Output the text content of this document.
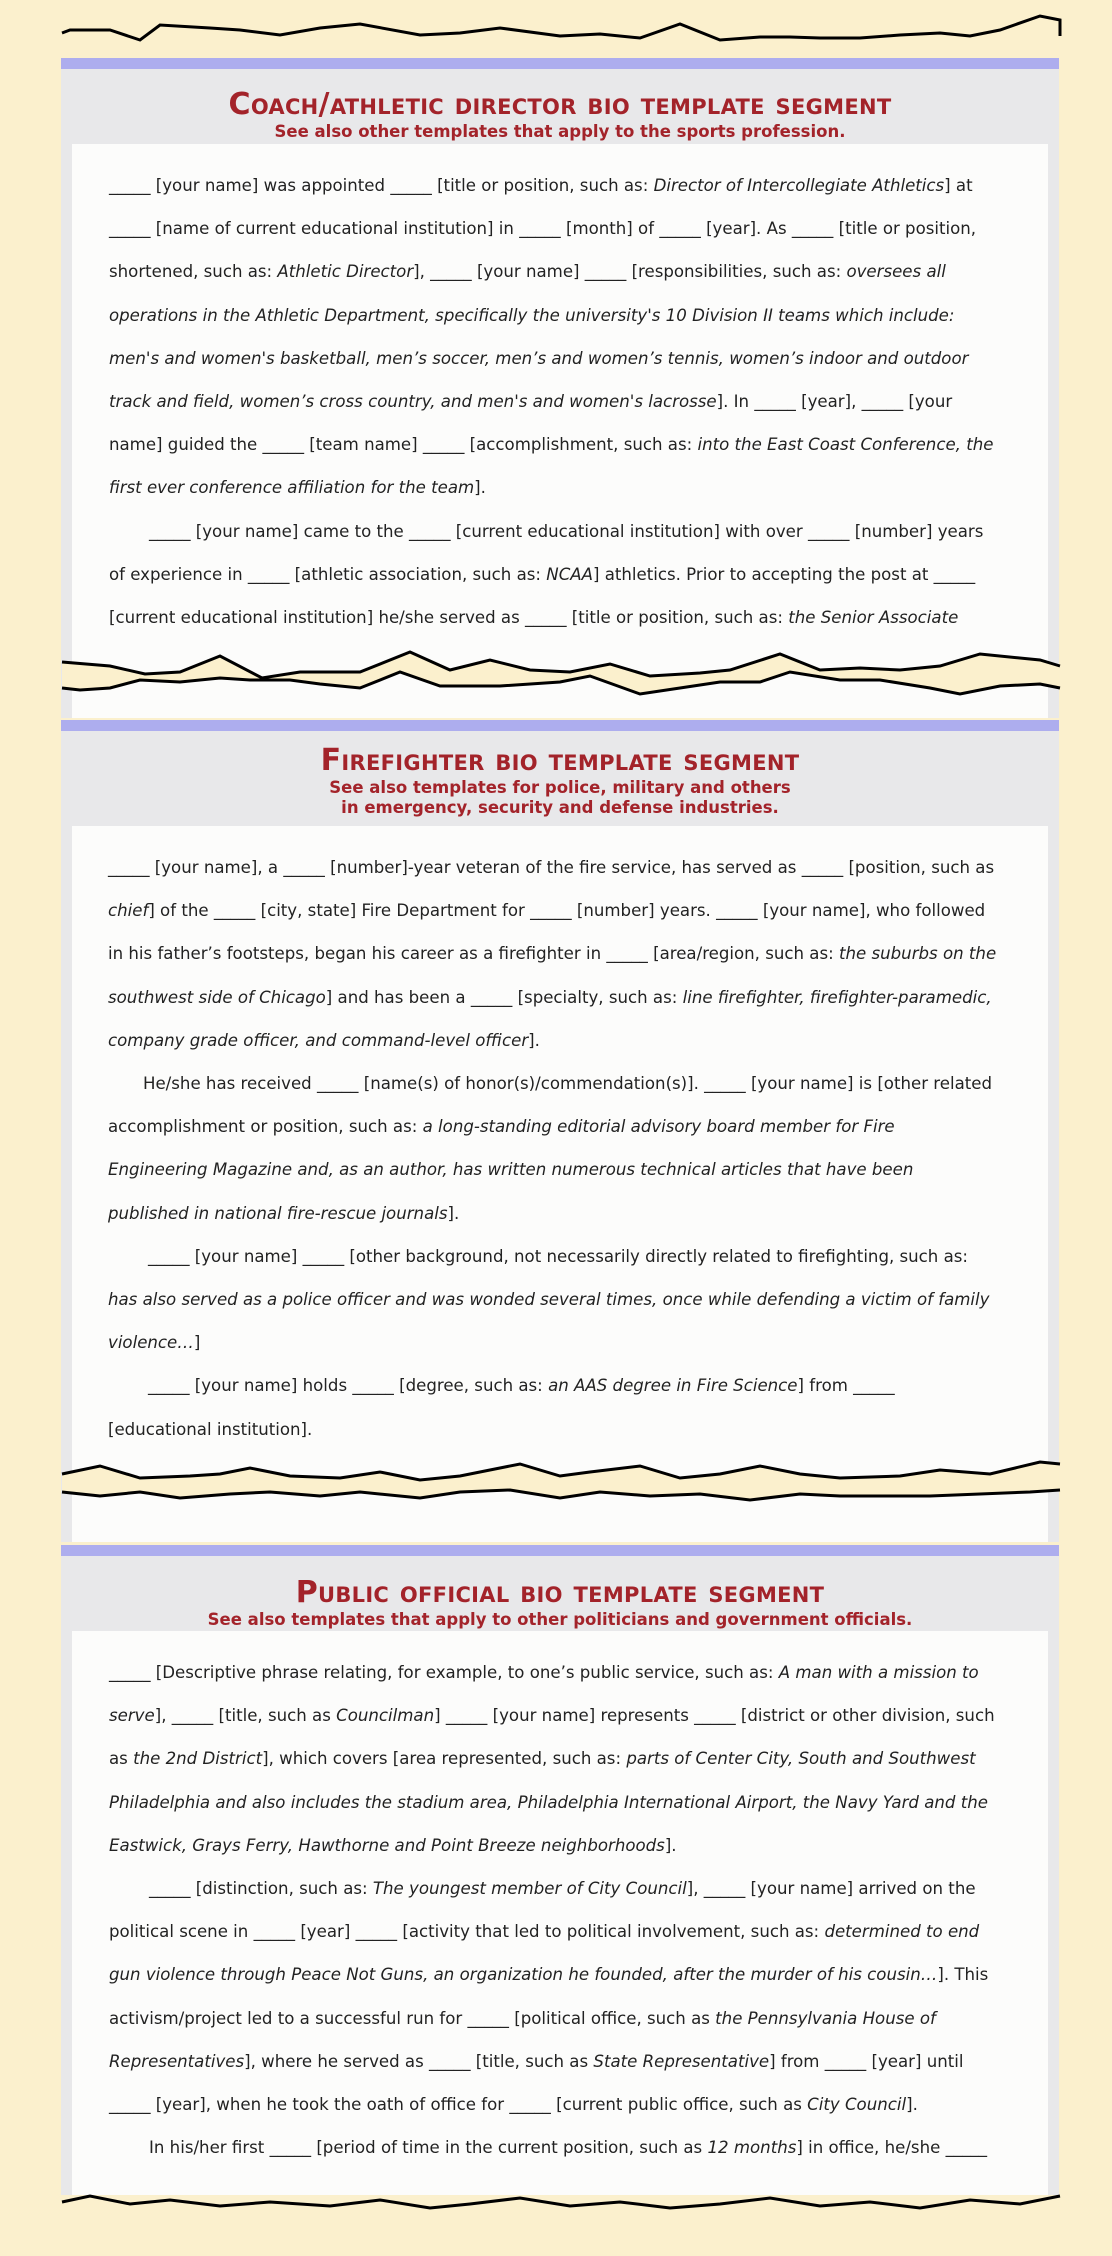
Coach/athletic director bio template segment
See also other templates that apply to the sports profession.

_____ [your name] was appointed _____ [title or position, such as: Director of Intercollegiate Athletics] at _____ [name of current educational institution] in _____ [month] of _____ [year]. As _____ [title or position, shortened, such as: Athletic Director], _____ [your name] _____ [responsibilities, such as: oversees all operations in the Athletic Department, specifically the university's 10 Division II teams which include: men's and women's basketball, men’s soccer, men’s and women’s tennis, women’s indoor and outdoor track and field, women’s cross country, and men's and women's lacrosse]. In _____ [year], _____ [your name] guided the _____ [team name] _____ [accomplishment, such as: into the East Coast Conference, the first ever conference affiliation for the team].

_____ [your name] came to the _____ [current educational institution] with over _____ [number] years of experience in _____ [athletic association, such as: NCAA] athletics. Prior to accepting the post at _____ [current educational institution] he/she served as _____ [title or position, such as: the Senior Associate

Firefighter bio template segment
See also templates for police, military and others
in emergency, security and defense industries.

_____ [your name], a _____ [number]-year veteran of the fire service, has served as _____ [position, such as chief] of the _____ [city, state] Fire Department for _____ [number] years. _____ [your name], who followed in his father’s footsteps, began his career as a firefighter in _____ [area/region, such as: the suburbs on the southwest side of Chicago] and has been a _____ [specialty, such as: line firefighter, firefighter-paramedic, company grade officer, and command-level officer].

He/she has received _____ [name(s) of honor(s)/commendation(s)]. _____ [your name] is [other related accomplishment or position, such as: a long-standing editorial advisory board member for Fire Engineering Magazine and, as an author, has written numerous technical articles that have been published in national fire-rescue journals].

_____ [your name] _____ [other background, not necessarily directly related to firefighting, such as: has also served as a police officer and was wonded several times, once while defending a victim of family violence…]

_____ [your name] holds _____ [degree, such as: an AAS degree in Fire Science] from _____ [educational institution].

Public official bio template segment
See also templates that apply to other politicians and government officials.

_____ [Descriptive phrase relating, for example, to one’s public service, such as: A man with a mission to serve], _____ [title, such as Councilman] _____ [your name] represents _____ [district or other division, such as the 2nd District], which covers [area represented, such as: parts of Center City, South and Southwest Philadelphia and also includes the stadium area, Philadelphia International Airport, the Navy Yard and the Eastwick, Grays Ferry, Hawthorne and Point Breeze neighborhoods].

_____ [distinction, such as: The youngest member of City Council], _____ [your name] arrived on the political scene in _____ [year] _____ [activity that led to political involvement, such as: determined to end gun violence through Peace Not Guns, an organization he founded, after the murder of his cousin…]. This activism/project led to a successful run for _____ [political office, such as the Pennsylvania House of Representatives], where he served as _____ [title, such as State Representative] from _____ [year] until _____ [year], when he took the oath of office for _____ [current public office, such as City Council].

In his/her first _____ [period of time in the current position, such as 12 months] in office, he/she _____
